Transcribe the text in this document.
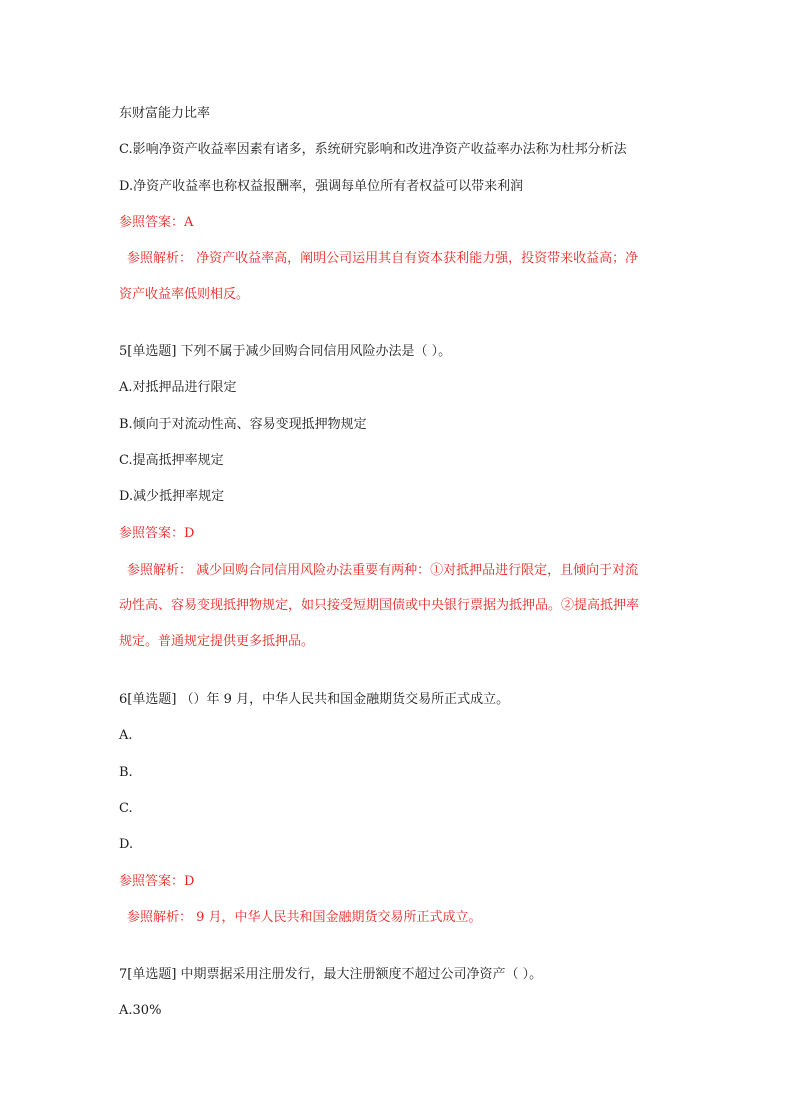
东财富能力比率
C.影响净资产收益率因素有诸多，系统研究影响和改进净资产收益率办法称为杜邦分析法
D.净资产收益率也称权益报酬率，强调每单位所有者权益可以带来利润
参照答案：A
参照解析： 净资产收益率高，阐明公司运用其自有资本获利能力强，投资带来收益高；净
资产收益率低则相反。
5[单选题] 下列不属于减少回购合同信用风险办法是（ ）。
A.对抵押品进行限定
B.倾向于对流动性高、容易变现抵押物规定
C.提高抵押率规定
D.减少抵押率规定
参照答案：D
参照解析： 减少回购合同信用风险办法重要有两种：①对抵押品进行限定，且倾向于对流
动性高、容易变现抵押物规定，如只接受短期国债或中央银行票据为抵押品。②提高抵押率
规定。普通规定提供更多抵押品。
6[单选题] （）年 9 月，中华人民共和国金融期货交易所正式成立。
A.
B.
C.
D.
参照答案：D
参照解析： 9 月，中华人民共和国金融期货交易所正式成立。
7[单选题] 中期票据采用注册发行，最大注册额度不超过公司净资产（ ）。
A.30%
